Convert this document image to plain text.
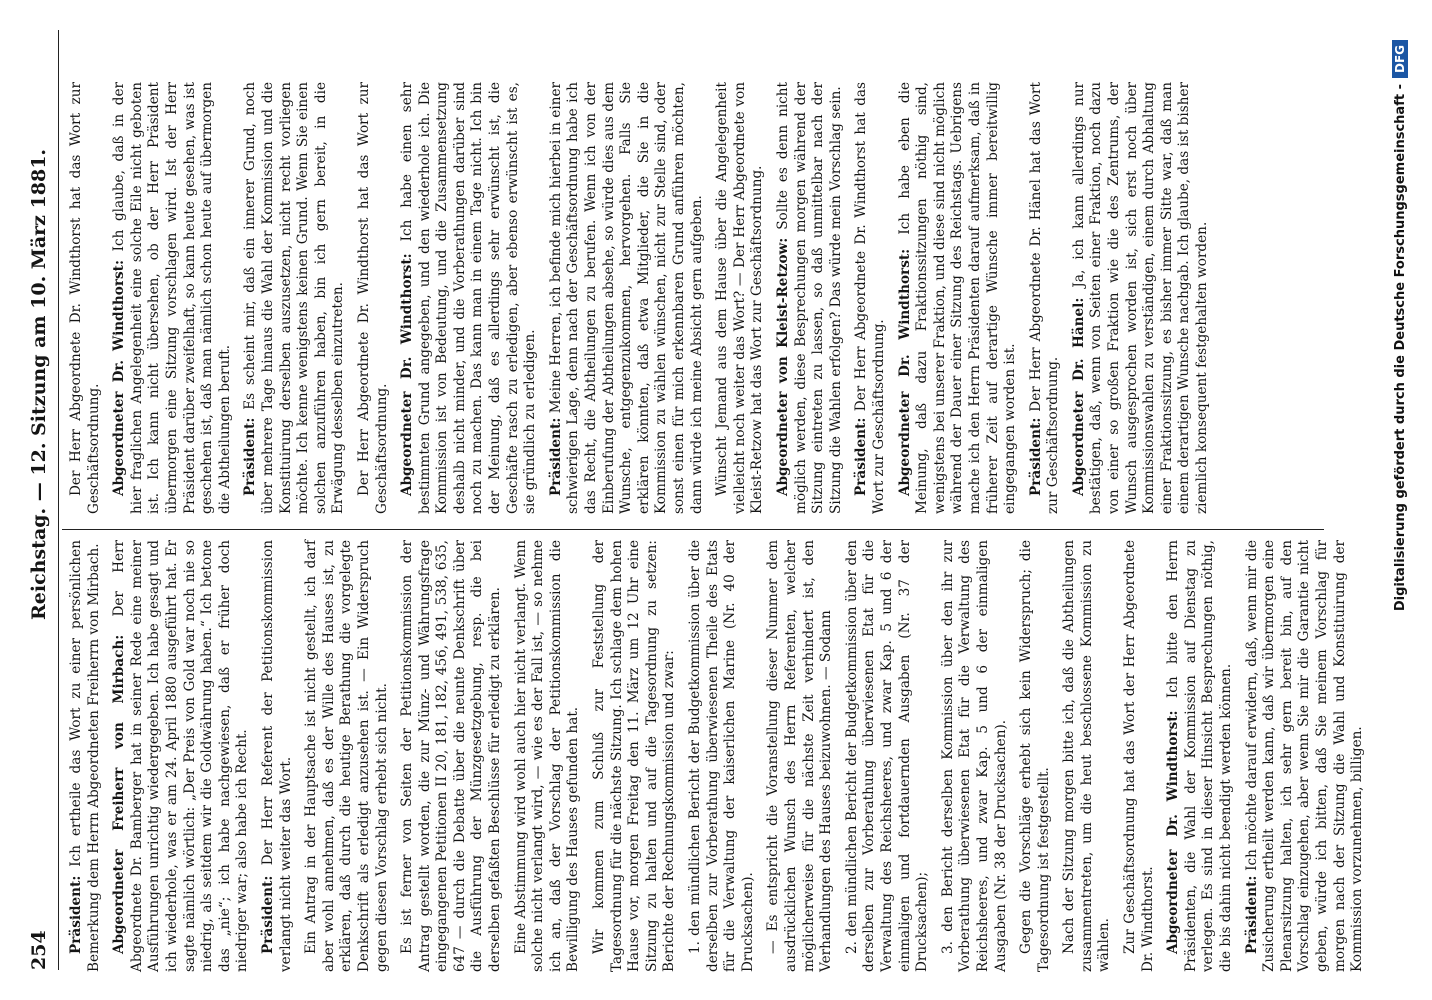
254
Reichstag. — 12. Sitzung am 10. März 1881.

Präsident: Ich ertheile das Wort zu einer persönlichen Bemerkung dem Herrn Abgeordneten Freiherrn von Mirbach. Abgeordneter Freiherr von Mirbach: Der Herr Abgeordnete Dr. Bamberger hat in seiner Rede eine meiner Ausführungen unrichtig wiedergegeben. Ich habe gesagt und ich wiederhole, was er am 24. April 1880 ausgeführt hat. Er sagte nämlich wörtlich: „Der Preis von Gold war noch nie so niedrig, als seitdem wir die Goldwährung haben.“ Ich betone das „nie“; ich habe nachgewiesen, daß er früher doch niedriger war; also habe ich Recht. Präsident: Der Herr Referent der Petitionskommission verlangt nicht weiter das Wort. Ein Antrag in der Hauptsache ist nicht gestellt, ich darf aber wohl annehmen, daß es der Wille des Hauses ist, zu erklären, daß durch die heutige Berathung die vorgelegte Denkschrift als erledigt anzusehen ist. — Ein Widerspruch gegen diesen Vorschlag erhebt sich nicht. Es ist ferner von Seiten der Petitionskommission der Antrag gestellt worden, die zur Münz- und Währungsfrage eingegangenen Petitionen II 20, 181, 182, 456, 491, 538, 635, 647 — durch die Debatte über die neunte Denkschrift über die Ausführung der Münzgesetzgebung, resp. die bei derselben gefaßten Beschlüsse für erledigt zu erklären. Eine Abstimmung wird wohl auch hier nicht verlangt. Wenn solche nicht verlangt wird, — wie es der Fall ist, — so nehme ich an, daß der Vorschlag der Petitionskommission die Bewilligung des Hauses gefunden hat. Wir kommen zum Schluß zur Feststellung der Tagesordnung für die nächste Sitzung. Ich schlage dem hohen Hause vor, morgen Freitag den 11. März um 12 Uhr eine Sitzung zu halten und auf die Tagesordnung zu setzen: Berichte der Rechnungskommission und zwar: 1. den mündlichen Bericht der Budgetkommission über die derselben zur Vorberathung überwiesenen Theile des Etats für die Verwaltung der kaiserlichen Marine (Nr. 40 der Drucksachen). — Es entspricht die Voranstellung dieser Nummer dem ausdrücklichen Wunsch des Herrn Referenten, welcher möglicherweise für die nächste Zeit verhindert ist, den Verhandlungen des Hauses beizuwohnen. — Sodann 2. den mündlichen Bericht der Budgetkommission über den derselben zur Vorberathung überwiesenen Etat für die Verwaltung des Reichsheeres, und zwar Kap. 5 und 6 der einmaligen und fortdauernden Ausgaben (Nr. 37 der Drucksachen); 3. den Bericht derselben Kommission über den ihr zur Vorberathung überwiesenen Etat für die Verwaltung des Reichsheeres, und zwar Kap. 5 und 6 der einmaligen Ausgaben (Nr. 38 der Drucksachen). Gegen die Vorschläge erhebt sich kein Widerspruch; die Tagesordnung ist festgestellt. Nach der Sitzung morgen bitte ich, daß die Abtheilungen zusammentreten, um die heut beschlossene Kommission zu wählen. Zur Geschäftsordnung hat das Wort der Herr Abgeordnete Dr. Windthorst. Abgeordneter Dr. Windthorst: Ich bitte den Herrn Präsidenten, die Wahl der Kommission auf Dienstag zu verlegen. Es sind in dieser Hinsicht Besprechungen nöthig, die bis dahin nicht beendigt werden können. Präsident: Ich möchte darauf erwidern, daß, wenn mir die Zusicherung ertheilt werden kann, daß wir übermorgen eine Plenarsitzung halten, ich sehr gern bereit bin, auf den Vorschlag einzugehen, aber wenn Sie mir die Garantie nicht geben, würde ich bitten, daß Sie meinem Vorschlag für morgen nach der Sitzung die Wahl und Konstituirung der Kommission vorzunehmen, billigen.

Der Herr Abgeordnete Dr. Windthorst hat das Wort zur Geschäftsordnung. Abgeordneter Dr. Windthorst: Ich glaube, daß in der hier fraglichen Angelegenheit eine solche Eile nicht geboten ist. Ich kann nicht übersehen, ob der Herr Präsident übermorgen eine Sitzung vorschlagen wird. Ist der Herr Präsident darüber zweifelhaft, so kann heute gesehen, was ist geschehen ist, daß man nämlich schon heute auf übermorgen die Abtheilungen beruft. Präsident: Es scheint mir, daß ein innerer Grund, noch über mehrere Tage hinaus die Wahl der Kommission und die Konstituirung derselben auszusetzen, nicht recht vorliegen möchte. Ich kenne wenigstens keinen Grund. Wenn Sie einen solchen anzuführen haben, bin ich gern bereit, in die Erwägung desselben einzutreten. Der Herr Abgeordnete Dr. Windthorst hat das Wort zur Geschäftsordnung. Abgeordneter Dr. Windthorst: Ich habe einen sehr bestimmten Grund angegeben, und den wiederhole ich. Die Kommission ist von Bedeutung, und die Zusammensetzung deshalb nicht minder, und die Vorberathungen darüber sind noch zu machen. Das kann man in einem Tage nicht. Ich bin der Meinung, daß es allerdings sehr erwünscht ist, die Geschäfte rasch zu erledigen, aber ebenso erwünscht ist es, sie gründlich zu erledigen. Präsident: Meine Herren, ich befinde mich hierbei in einer schwierigen Lage, denn nach der Geschäftsordnung habe ich das Recht, die Abtheilungen zu berufen. Wenn ich von der Einberufung der Abtheilungen absehe, so würde dies aus dem Wunsche, entgegenzukommen, hervorgehen. Falls Sie erklären könnten, daß etwa Mitglieder, die Sie in die Kommission zu wählen wünschen, nicht zur Stelle sind, oder sonst einen für mich erkennbaren Grund anführen möchten, dann würde ich meine Absicht gern aufgeben. Wünscht Jemand aus dem Hause über die Angelegenheit vielleicht noch weiter das Wort? — Der Herr Abgeordnete von Kleist-Retzow hat das Wort zur Geschäftsordnung. Abgeordneter von Kleist-Retzow: Sollte es denn nicht möglich werden, diese Besprechungen morgen während der Sitzung eintreten zu lassen, so daß unmittelbar nach der Sitzung die Wahlen erfolgen? Das würde mein Vorschlag sein. Präsident: Der Herr Abgeordnete Dr. Windthorst hat das Wort zur Geschäftsordnung. Abgeordneter Dr. Windthorst: Ich habe eben die Meinung, daß dazu Fraktionssitzungen nöthig sind, wenigstens bei unserer Fraktion, und diese sind nicht möglich während der Dauer einer Sitzung des Reichstags. Uebrigens mache ich den Herrn Präsidenten darauf aufmerksam, daß in früherer Zeit auf derartige Wünsche immer bereitwillig eingegangen worden ist. Präsident: Der Herr Abgeordnete Dr. Hänel hat das Wort zur Geschäftsordnung. Abgeordneter Dr. Hänel: Ja, ich kann allerdings nur bestätigen, daß, wenn von Seiten einer Fraktion, noch dazu von einer so großen Fraktion wie die des Zentrums, der Wunsch ausgesprochen worden ist, sich erst noch über Kommissionswahlen zu verständigen, einem durch Abhaltung einer Fraktionssitzung, es bisher immer Sitte war, daß man einem derartigen Wunsche nachgab. Ich glaube, das ist bisher ziemlich konsequent festgehalten worden.	Digitalisierung gefördert durch die Deutsche Forschungsgemeinschaft -DFG
